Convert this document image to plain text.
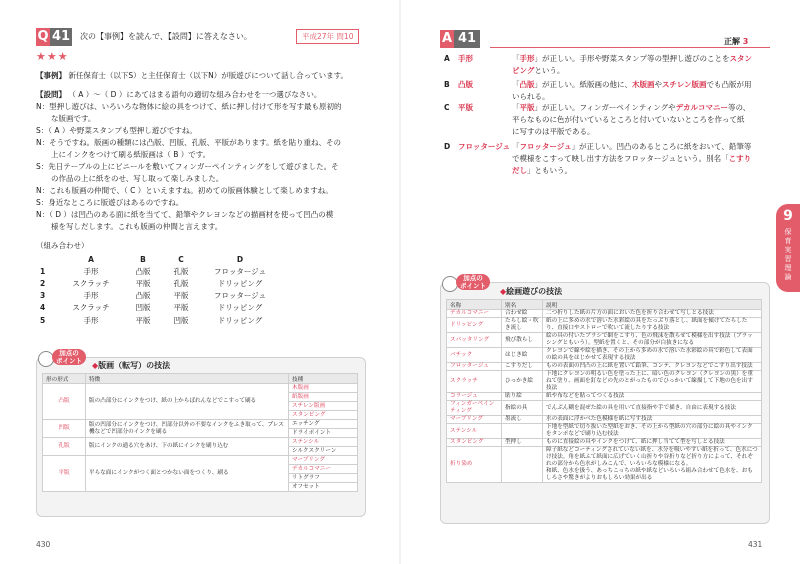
Q 41 次の【事例】を読んで、【設問】に答えなさい。	平成27年 問10
★★★
【事例】 新任保育士（以下S）と主任保育士（以下N）が版遊びについて話し合っています。
【設問】 （ A ）～（ D ）にあてはまる語句の適切な組み合わせを一つ選びなさい。
N：型押し遊びは、いろいろな物体に絵の具をつけて、紙に押し付けて形を写す最も原初的
　　な版画です。
S：（ A ）や野菜スタンプも型押し遊びですね。
N：そうですね。版画の種類には凸版、凹版、孔版、平版があります。紙を貼り重ね、その
　　上にインクをつけて刷る紙版画は（ B ）です。
S：先日テーブルの上にビニールを敷いてフィンガーペインティングをして遊びました。そ
　　の作品の上に紙をのせ、写し取って楽しみました。
N：これも版画の仲間で、（ C ）といえますね。初めての版画体験として楽しめますね。
S：身近なところに版遊びはあるのですね。
N：（ D ）は凹凸のある面に紙を当てて、鉛筆やクレヨンなどの描画材を使って凹凸の模
　　様を写しだします。これも版画の仲間と言えます。
（組み合わせ）
	A	B	C	D
1	手形	凸版	孔版	フロッタージュ
2	スクラッチ	平版	孔版	ドリッピング
3	手形	凸版	平版	フロッタージュ
4	スクラッチ	凹版	平版	ドリッピング
5	手形	平版	凹版	ドリッピング
加点の
ポイント	◆版画（転写）の技法
形の形式	特徴	技種
凸版	版の凸部分にインクをつけ、紙の上からばれんなどでこすって刷る	木版画
		紙版画
		スチレン版画
		スタンピング
凹版	版の凹部分にインクをつけ、凹部分以外の不要なインクをふき取って、プレス機などで凹部分のインクを刷る	エッチング
		ドライポイント
孔版	版にインクの通る穴をあけ、下の紙にインクを刷り込む	ステンシル
		シルクスクリーン
平版	平らな面にインクがつく面とつかない面をつくり、刷る	マーブリング
		デカルコマニー
		リトグラフ
		オフセット
430
A 41	正解 3
A 手形	「手形」が正しい。手形や野菜スタンプ等の型押し遊びのことをスタン
ピングという。
B 凸版	「凸版」が正しい。紙版画の他に、木版画やスチレン版画でも凸版が用
いられる。
C 平版	「平版」が正しい。フィンガーペインティングやデカルコマニー等の、
平らなものに色が付いているところと付いていないところを作って紙
に写すのは平版である。
D フロッタージュ 「フロッタージュ」が正しい。凹凸のあるところに紙をおいて、鉛筆等
で模様をこすって映し出す方法をフロッタージュという。別名「こすり
だし」ともいう。
9
保
育
実
習
理
論
加点の
ポイント
◆絵画遊びの技法
名称	別名	説明
デカルコマニー	合わせ絵	二つ折りした紙の片方の面においた色を折り合わせて写しとる技法

ドリッピング	たらし絵・吹き流し	紙の上に多めの水で溶いた水彩絵の具をたっぷり落とし、紙面を傾けてたらしたり、直接口やストローで吹いて流したりする技法

スパッタリング	飛び散らし	絵の具の付いたブラシで網をこすり、色の飛沫を散らせて模様を出す技法（ブラッシングともいう）。型紙を置くと、その部分が白抜きになる

バチック	はじき絵	クレヨンで線や絵を描き、その上から多めの水で溶いた水彩絵の具で彩色して表面の絵の具をはじかせて表現する技法

フロッタージュ	こすりだし	ものの表面の凹凸の上に紙を置いて鉛筆、コンテ、クレヨンなどでこすり出す技法

スクラッチ	ひっかき絵	下地にクレヨンの明るい色を塗った上に、暗い色のクレヨン（クレヨンの黒）を重ねて塗り、画面を釘などの先のとがったものでひっかいて線描して下地の色を出す技法

コラージュ	貼り絵	紙や布などを貼ってつくる技法

フィンガーペインティング	指絵の具	でんぷん糊を混ぜた絵の具を用いて直接指や手で描き、自由に表現する技法

マーブリング	墨流し	水の表面に浮かべた色模様を紙に写す技法

ステンシル		下地を型紙で切り抜いた型紙をおき、その上から型紙の穴の部分に絵の具やインクをタンポなどで刷り込む技法

スタンピング	型押し	ものに直接絵の具やインクをつけて、紙に押し当てて型を写しとる技法

折り染め		障子紙などコーティングされていない紙を、水分を吸いやすい紙を折って、色水につけ技法。角を紙ふて紙面に広げていく山折りや谷折りなど折り方によって、それぞれの部分から色水がしみこんで、いろいろな模様になる。
和紙、色水を扱う、あっちこっちの紙や紙などいろいろ組み合わせて色水を、おもしろさや驚きがよりおもしろい効果が出る
431
